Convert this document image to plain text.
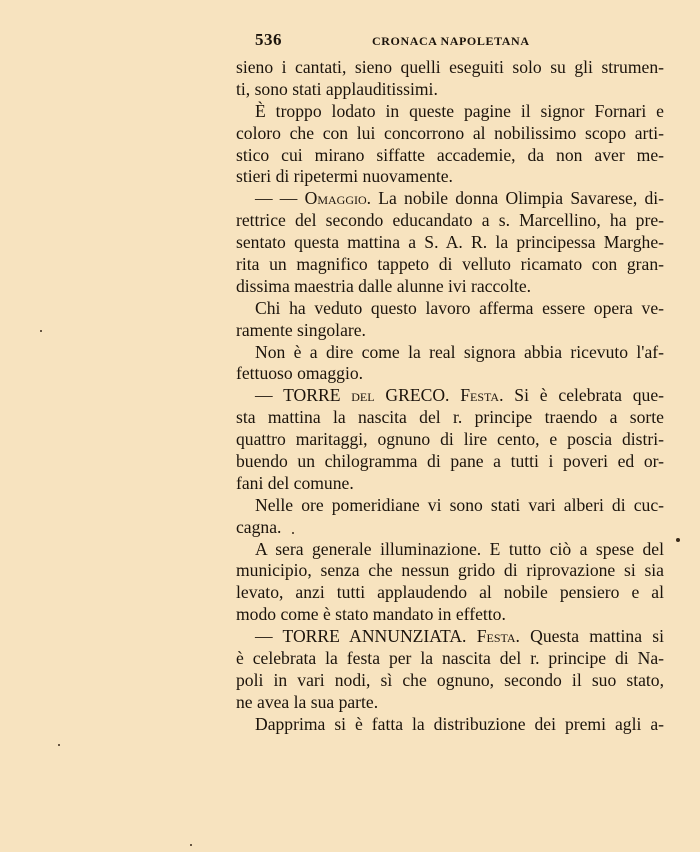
536	CRONACA NAPOLETANA
sieno i cantati, sieno quelli eseguiti solo su gli strumen-
ti, sono stati applauditissimi.
È troppo lodato in queste pagine il signor Fornari e
coloro che con lui concorrono al nobilissimo scopo arti-
stico cui mirano siffatte accademie, da non aver me-
stieri di ripetermi nuovamente.
— — Omaggio. La nobile donna Olimpia Savarese, di-
rettrice del secondo educandato a s. Marcellino, ha pre-
sentato questa mattina a S. A. R. la principessa Marghe-
rita un magnifico tappeto di velluto ricamato con gran-
dissima maestria dalle alunne ivi raccolte.
Chi ha veduto questo lavoro afferma essere opera ve-
ramente singolare.
Non è a dire come la real signora abbia ricevuto l'af-
fettuoso omaggio.
— TORRE del GRECO. Festa. Si è celebrata que-
sta mattina la nascita del r. principe traendo a sorte
quattro maritaggi, ognuno di lire cento, e poscia distri-
buendo un chilogramma di pane a tutti i poveri ed or-
fani del comune.
Nelle ore pomeridiane vi sono stati vari alberi di cuc-
cagna.
A sera generale illuminazione. E tutto ciò a spese del
municipio, senza che nessun grido di riprovazione si sia
levato, anzi tutti applaudendo al nobile pensiero e al
modo come è stato mandato in effetto.
— TORRE ANNUNZIATA. Festa. Questa mattina si
è celebrata la festa per la nascita del r. principe di Na-
poli in vari nodi, sì che ognuno, secondo il suo stato,
ne avea la sua parte.
Dapprima si è fatta la distribuzione dei premi agli a-
